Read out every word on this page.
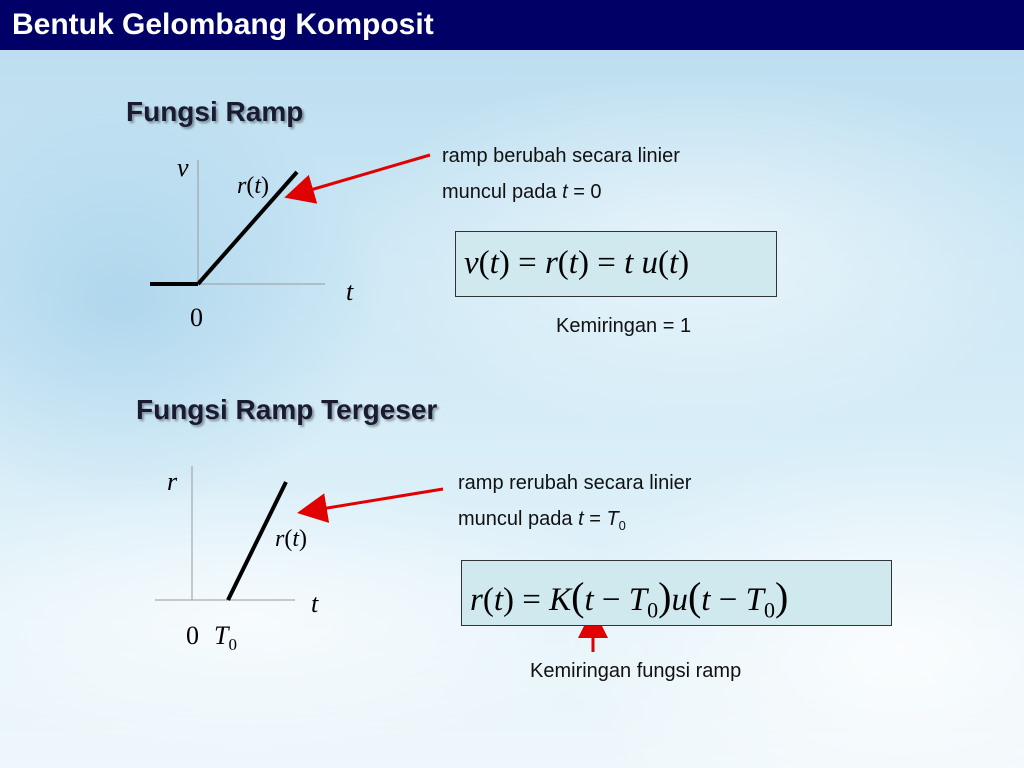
Bentuk Gelombang Komposit
Fungsi Ramp
v
t
0
r(t)
r
t
0 $T_0$
r(t)
ramp berubah secara linier
muncul pada t = 0
v(t) = r(t) = t u(t)
Kemiringan = 1
Fungsi Ramp Tergeser
ramp rerubah secara linier
muncul pada $t = T_0$
$r(t) = K(t - T_0)u(t - T_0)$
Kemiringan fungsi ramp
